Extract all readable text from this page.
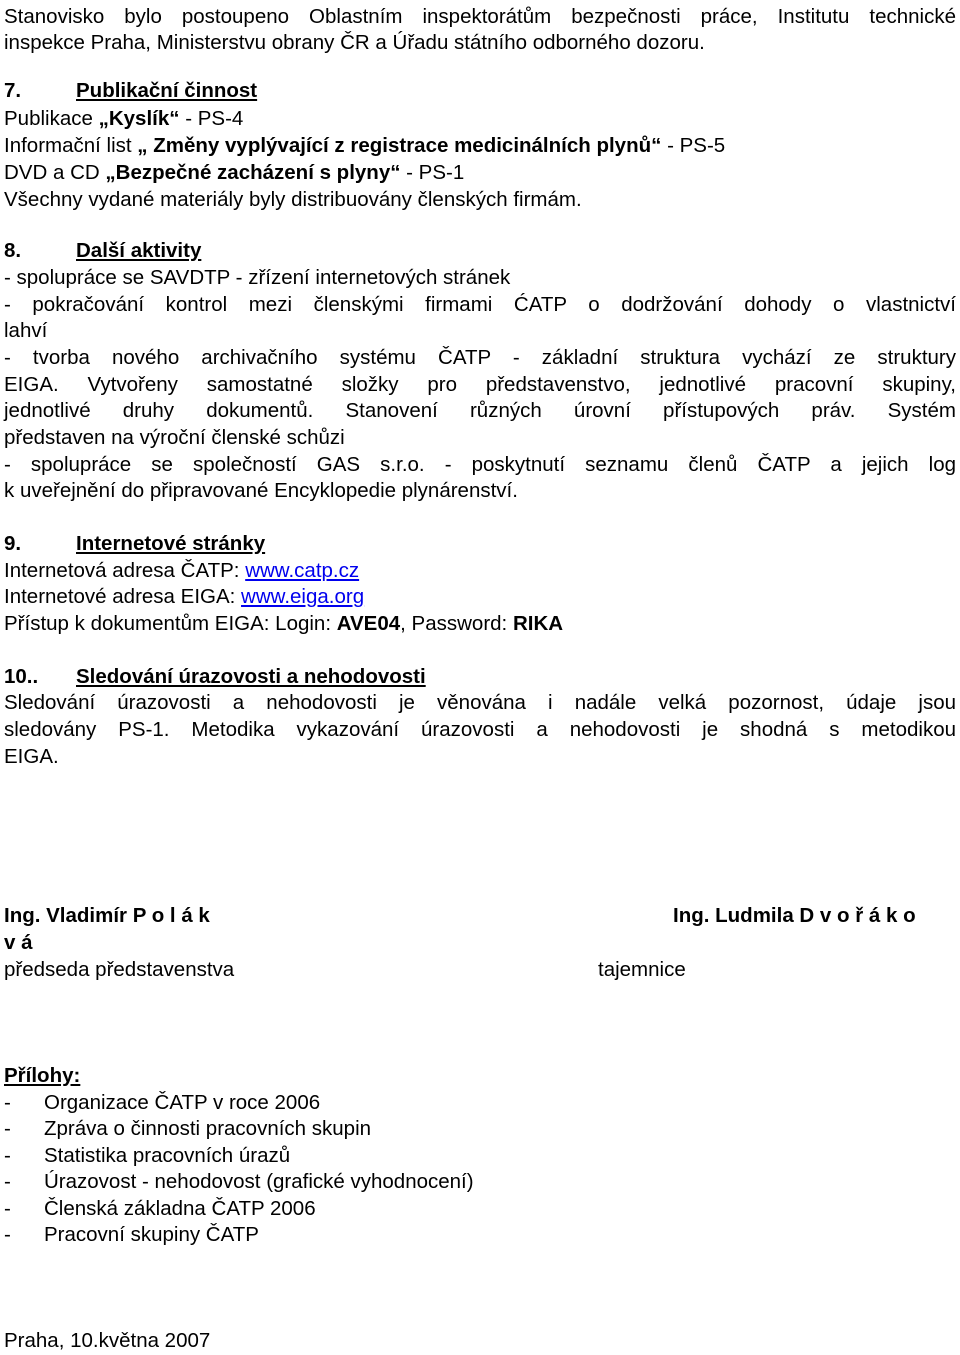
Stanovisko bylo postoupeno Oblastním inspektorátům bezpečnosti práce, Institutu technické
inspekce Praha, Ministerstvu obrany ČR a Úřadu státního odborného dozoru.
7.	Publikační činnost
Publikace „Kyslík“ - PS-4
Informační list „ Změny vyplývající z registrace medicinálních plynů“ - PS-5
DVD a CD „Bezpečné zacházení s plyny“ - PS-1
Všechny vydané materiály byly distribuovány členských firmám.
8.	Další aktivity
- spolupráce se SAVDTP - zřízení internetových stránek
- pokračování kontrol mezi členskými firmami ĆATP o dodržování dohody o vlastnictví
lahví
- tvorba nového archivačního systému ČATP - základní struktura vychází ze struktury
EIGA. Vytvořeny samostatné složky pro představenstvo, jednotlivé pracovní skupiny,
jednotlivé druhy dokumentů. Stanovení různých úrovní přístupových práv. Systém
představen na výroční členské schůzi
- spolupráce se společností GAS s.r.o. - poskytnutí seznamu členů ČATP a jejich log
k uveřejnění do připravované Encyklopedie plynárenství.
9.	Internetové stránky
Internetová adresa ČATP: www.catp.cz
Internetové adresa EIGA: www.eiga.org
Přístup k dokumentům EIGA: Login: AVE04, Password: RIKA
10.. Sledování úrazovosti a nehodovosti
Sledování úrazovosti a nehodovosti je věnována i nadále velká pozornost, údaje jsou
sledovány PS-1. Metodika vykazování úrazovosti a nehodovosti je shodná s metodikou
EIGA.
Ing. Vladimír P o l á k	Ing. Ludmila D v o ř á k o
v á
předseda představenstva	tajemnice
Přílohy:
- Organizace ČATP v roce 2006
- Zpráva o činnosti pracovních skupin
- Statistika pracovních úrazů
- Úrazovost - nehodovost (grafické vyhodnocení)
- Členská základna ČATP 2006
- Pracovní skupiny ČATP
Praha, 10.května 2007
